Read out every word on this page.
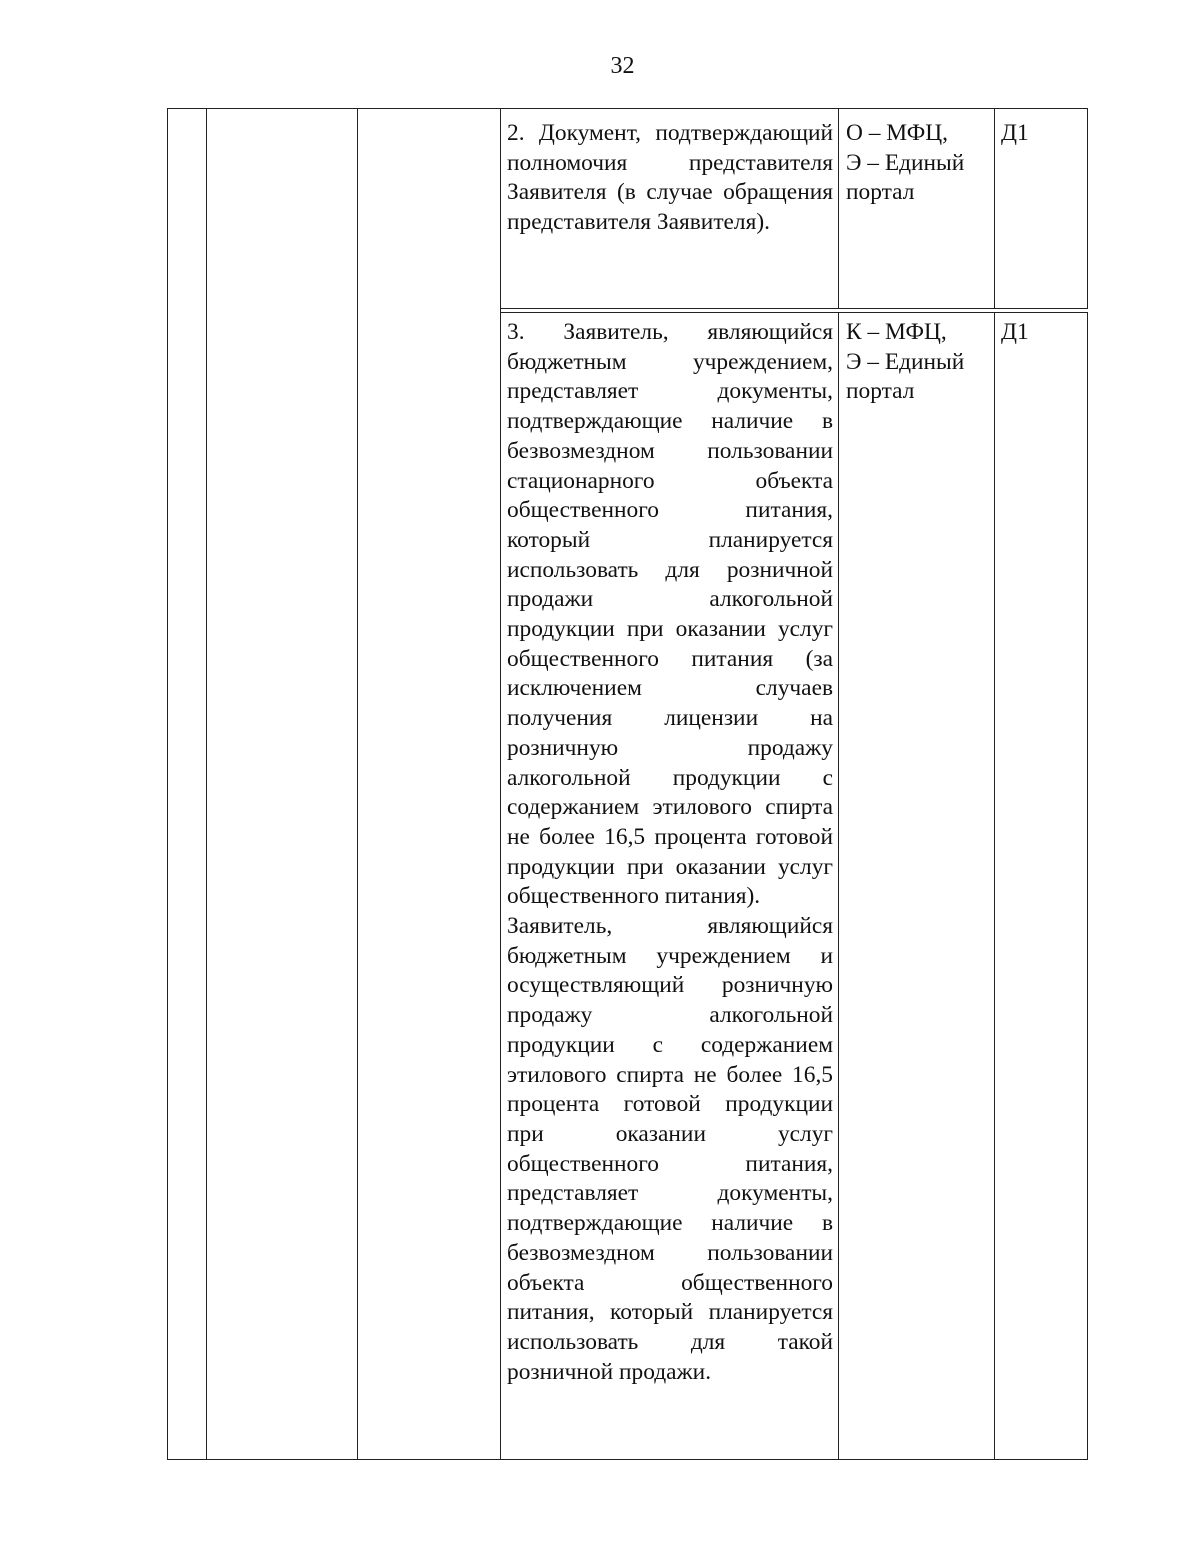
32

2. Документ, подтверждающий полномочия представителя Заявителя (в случае обращения представителя Заявителя).

О – МФЦ,
Э – Единый портал
Д1

3. Заявитель, являющийся бюджетным учреждением, представляет документы, подтверждающие наличие в безвозмездном пользовании стационарного объекта общественного питания, который планируется использовать для розничной продажи алкогольной продукции при оказании услуг общественного питания (за исключением случаев получения лицензии на розничную продажу алкогольной продукции с содержанием этилового спирта не более 16,5 процента готовой продукции при оказании услуг общественного питания).

Заявитель, являющийся бюджетным учреждением и осуществляющий розничную продажу алкогольной продукции с содержанием этилового спирта не более 16,5 процента готовой продукции при оказании услуг общественного питания, представляет документы, подтверждающие наличие в безвозмездном пользовании объекта общественного питания, который планируется использовать для такой розничной продажи.

К – МФЦ,
Э – Единый портал
Д1
